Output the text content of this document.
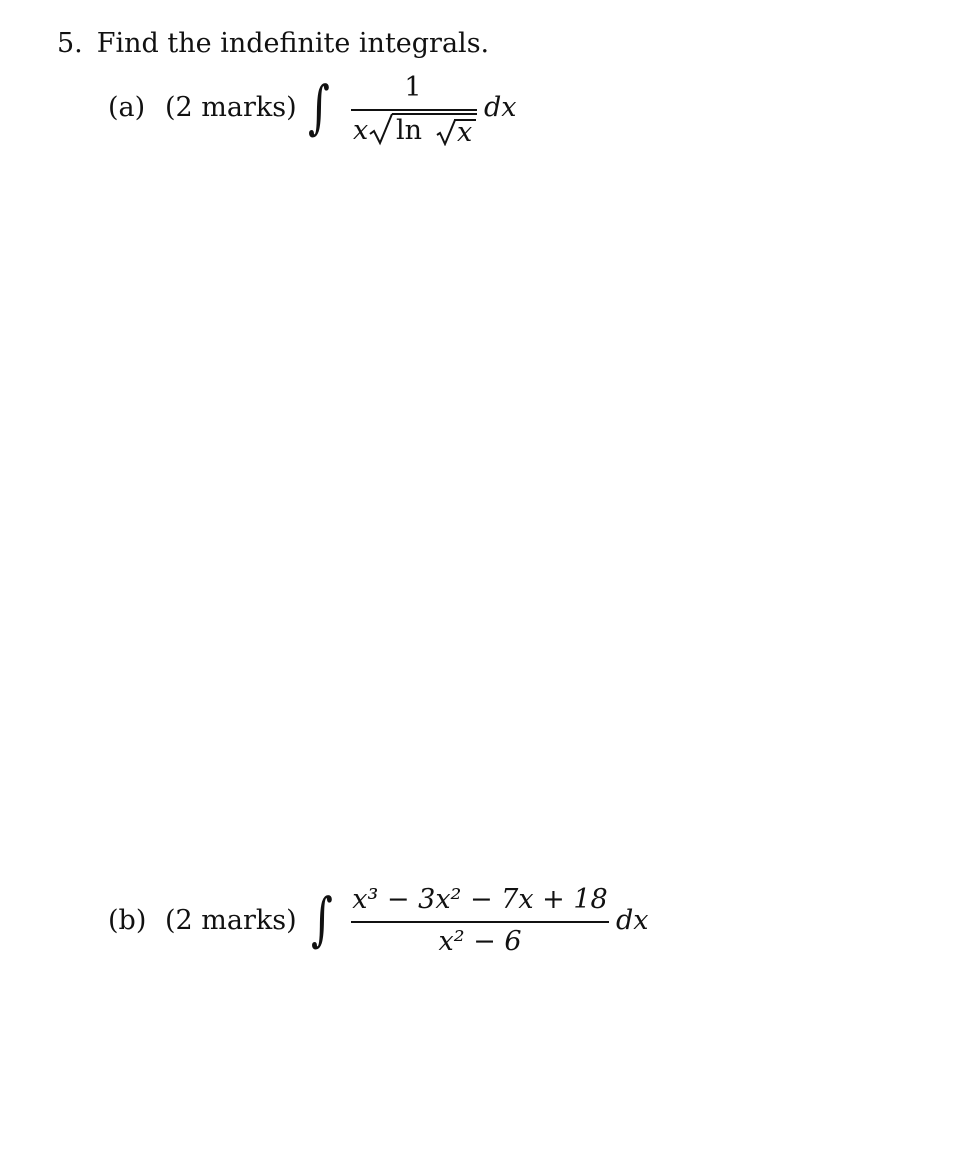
5. Find the indefinite integrals.
(a) (2 marks) ∫	1
x ln x
dx
(b) (2 marks) ∫ x³ − 3x² − 7x + 18
x² − 6
dx
